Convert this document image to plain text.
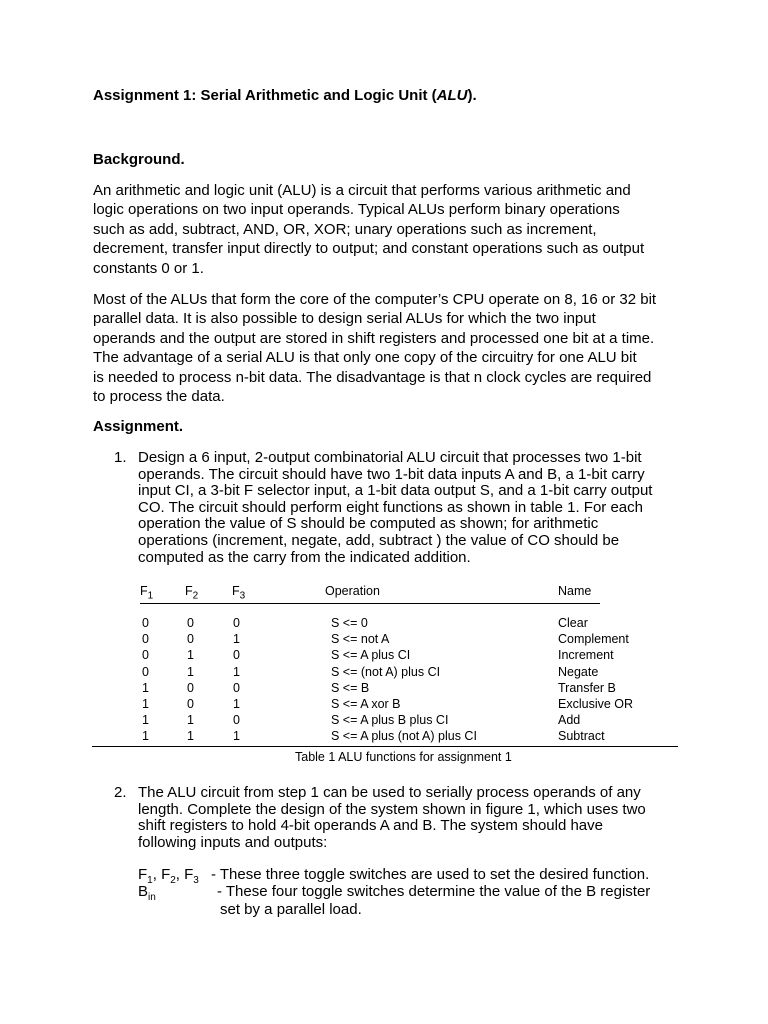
Assignment 1: Serial Arithmetic and Logic Unit (ALU).
Background.
An arithmetic and logic unit (ALU) is a circuit that performs various arithmetic and
logic operations on two input operands. Typical ALUs perform binary operations
such as add, subtract, AND, OR, XOR; unary operations such as increment,
decrement, transfer input directly to output; and constant operations such as output
constants 0 or 1.
Most of the ALUs that form the core of the computer’s CPU operate on 8, 16 or 32 bit
parallel data. It is also possible to design serial ALUs for which the two input
operands and the output are stored in shift registers and processed one bit at a time.
The advantage of a serial ALU is that only one copy of the circuitry for one ALU bit
is needed to process n-bit data. The disadvantage is that n clock cycles are required
to process the data.
Assignment.
1. Design a 6 input, 2-output combinatorial ALU circuit that processes two 1-bit
operands. The circuit should have two 1-bit data inputs A and B, a 1-bit carry
input CI, a 3-bit F selector input, a 1-bit data output S, and a 1-bit carry output
CO. The circuit should perform eight functions as shown in table 1. For each
operation the value of S should be computed as shown; for arithmetic
operations (increment, negate, add, subtract ) the value of CO should be
computed as the carry from the indicated addition.
$F_1$	$F_2$	$F_3$	Operation	Name
0	0	0	S <= 0	Clear
0	0	1	S <= not A	Complement
0	1	0	S <= A plus CI	Increment
0	1	1	S <= (not A) plus CI	Negate
1	0	0	S <= B	Transfer B
1	0	1	S <= A xor B	Exclusive OR
1	1	0	S <= A plus B plus CI	Add
1	1	1	S <= A plus (not A) plus CI	Subtract
Table 1 ALU functions for assignment 1
2. The ALU circuit from step 1 can be used to serially process operands of any
length. Complete the design of the system shown in figure 1, which uses two
shift registers to hold 4-bit operands A and B. The system should have
following inputs and outputs:
$F_1$, $F_2$, $F_3$ - These three toggle switches are used to set the desired function.
$B_{in}$	- These four toggle switches determine the value of the B register
set by a parallel load.
